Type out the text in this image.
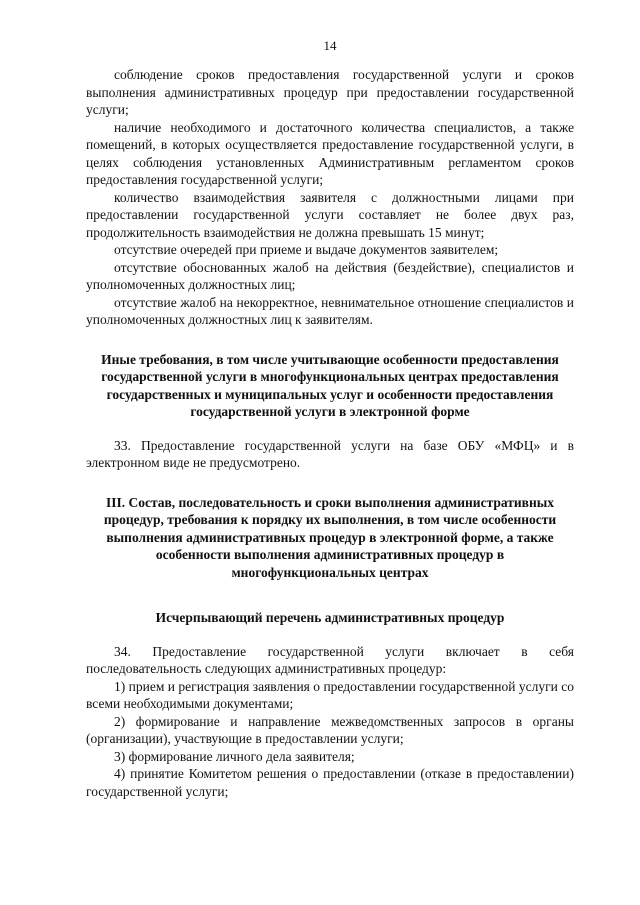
14

соблюдение сроков предоставления государственной услуги и сроков выполнения административных процедур при предоставлении государственной услуги;

наличие необходимого и достаточного количества специалистов, а также помещений, в которых осуществляется предоставление государственной услуги, в целях соблюдения установленных Административным регламентом сроков предоставления государственной услуги;

количество взаимодействия заявителя с должностными лицами при предоставлении государственной услуги составляет не более двух раз, продолжительность взаимодействия не должна превышать 15 минут;

отсутствие очередей при приеме и выдаче документов заявителем;

отсутствие обоснованных жалоб на действия (бездействие), специалистов и уполномоченных должностных лиц;

отсутствие жалоб на некорректное, невнимательное отношение специалистов и уполномоченных должностных лиц к заявителям.

Иные требования, в том числе учитывающие особенности предоставления государственной услуги в многофункциональных центрах предоставления государственных и муниципальных услуг и особенности предоставления государственной услуги в электронной форме

33. Предоставление государственной услуги на базе ОБУ «МФЦ» и в электронном виде не предусмотрено.

III. Состав, последовательность и сроки выполнения административных процедур, требования к порядку их выполнения, в том числе особенности выполнения административных процедур в электронной форме, а также особенности выполнения административных процедур в многофункциональных центрах

Исчерпывающий перечень административных процедур

34. Предоставление государственной услуги включает в себя последовательность следующих административных процедур:

1) прием и регистрация заявления о предоставлении государственной услуги со всеми необходимыми документами;

2) формирование и направление межведомственных запросов в органы (организации), участвующие в предоставлении услуги;

3) формирование личного дела заявителя;

4) принятие Комитетом решения о предоставлении (отказе в предоставлении) государственной услуги;
